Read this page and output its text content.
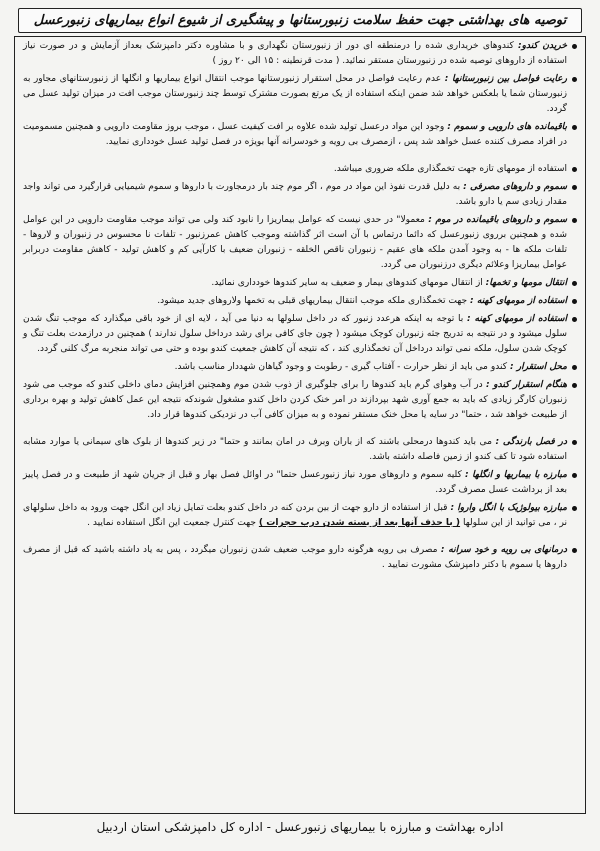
توصیه های بهداشتی جهت حفظ سلامت زنبورستانها و پیشگیری از شیوع انواع بیماریهای زنبورعسل
خریدن کندو: کندوهای خریداری شده را درمنطقه ای دور از زنبورستان نگهداری و با مشاوره دکتر دامپزشک بعداز آزمایش و در صورت نیاز استفاده از داروهای توصیه شده در زنبورستان مستقر نمائید. ( مدت قرنطینه : ۱۵ الی ۲۰ روز )
رعایت فواصل بین زنبورستانها : عدم رعایت فواصل در محل استقرار زنبورستانها موجب انتقال انواع بیماریها و انگلها از زنبورستانهای مجاور به زنبورستان شما یا بلعکس خواهد شد ضمن اینکه استفاده از یک مرتع بصورت مشترک توسط چند زنبورستان موجب افت در میزان تولید عسل می گردد.
باقیمانده های دارویی و سموم : وجود این مواد درعسل تولید شده علاوه بر افت کیفیت عسل ، موجب بروز مقاومت دارویی و همچنین مسمومیت در افراد مصرف کننده عسل خواهد شد پس ، ازمصرف بی رویه و خودسرانه آنها بویژه در فصل تولید عسل خودداری نمایید.
استفاده از مومهای تازه جهت تخمگذاری ملکه ضروری میباشد.
سموم و داروهای مصرفی : به دلیل قدرت نفوذ این مواد در موم ، اگر موم چند بار درمجاورت با داروها و سموم شیمیایی قرارگیرد می تواند واجد مقدار زیادی سم یا دارو باشد.
سموم و داروهای باقیمانده در موم : معمولا" در حدی نیست که عوامل بیماریزا را نابود کند ولی می تواند موجب مقاومت دارویی در این عوامل شده و همچنین برروی زنبورعسل که دائما درتماس با آن است اثر گذاشته وموجب کاهش عمرزنبور - تلفات نا محسوس در زنبوران و لاروها - تلفات ملکه ها - به وجود آمدن ملکه های عقیم - زنبوران ناقص الخلقه - زنبوران ضعیف با کارآیی کم و کاهش تولید - کاهش مقاومت دربرابر عوامل بیماریزا وعلائم دیگری درزنبوران می گردد.
انتقال مومها و تخمها: از انتقال مومهای کندوهای بیمار و ضعیف به سایر کندوها خودداری نمائید.
استفاده از مومهای کهنه : جهت تخمگذاری ملکه موجب انتقال بیماریهای قبلی به تخمها ولاروهای جدید میشود.
استفاده از مومهای کهنه : با توجه به اینکه هرعدد زنبور که در داخل سلولها به دنیا می آید ، لایه ای از خود باقی میگذارد که موجب تنگ شدن سلول میشود و در نتیجه به تدریج جثه زنبوران کوچک میشود ( چون جای کافی برای رشد درداخل سلول ندارند ) همچنین در درازمدت بعلت تنگ و کوچک شدن سلول، ملکه نمی تواند درداخل آن تخمگذاری کند ، که نتیجه آن کاهش جمعیت کندو بوده و حتی می تواند منجربه مرگ کلنی گردد.
محل استقرار : کندو می باید از نظر حرارت - آفتاب گیری - رطوبت و وجود گیاهان شهددار مناسب باشد.
هنگام استقرار کندو : در آب وهوای گرم باید کندوها را برای جلوگیری از ذوب شدن موم وهمچنین افزایش دمای داخلی کندو که موجب می شود زنبوران کارگر زیادی که باید به جمع آوری شهد بپردازند در امر خنک کردن داخل کندو مشغول شوندکه نتیجه این عمل کاهش تولید و بهره برداری از طبیعت خواهد شد ، حتما" در سایه یا محل خنک مستقر نموده و به میزان کافی آب در نزدیکی کندوها قرار داد.
در فصل بارندگی : می باید کندوها درمحلی باشند که از باران وبرف در امان بمانند و حتما" در زیر کندوها از بلوک های سیمانی یا موارد مشابه استفاده شود تا کف کندو از زمین فاصله داشته باشد.
مبارزه با بیماریها و انگلها : کلیه سموم و داروهای مورد نیاز زنبورعسل حتما" در اوائل فصل بهار و قبل از جریان شهد از طبیعت و در فصل پاییز بعد از برداشت عسل مصرف گردد.
مبارزه بیولوژیک با انگل واروا : قبل از استفاده از دارو جهت از بین بردن کنه در داخل کندو بعلت تمایل زیاد این انگل جهت ورود به داخل سلولهای نر ، می توانید از این سلولها ( با حذف آنها بعد از بسته شدن درب حجرات ) جهت کنترل جمعیت این انگل استفاده نمایید .
درمانهای بی رویه و خود سرانه : مصرف بی رویه هرگونه دارو موجب ضعیف شدن زنبوران میگردد ، پس به یاد داشته باشید که قبل از مصرف داروها یا سموم با دکتر دامپزشک مشورت نمایید .
اداره بهداشت و مبارزه با بیماریهای زنبورعسل - اداره کل دامپزشکی استان اردبیل
